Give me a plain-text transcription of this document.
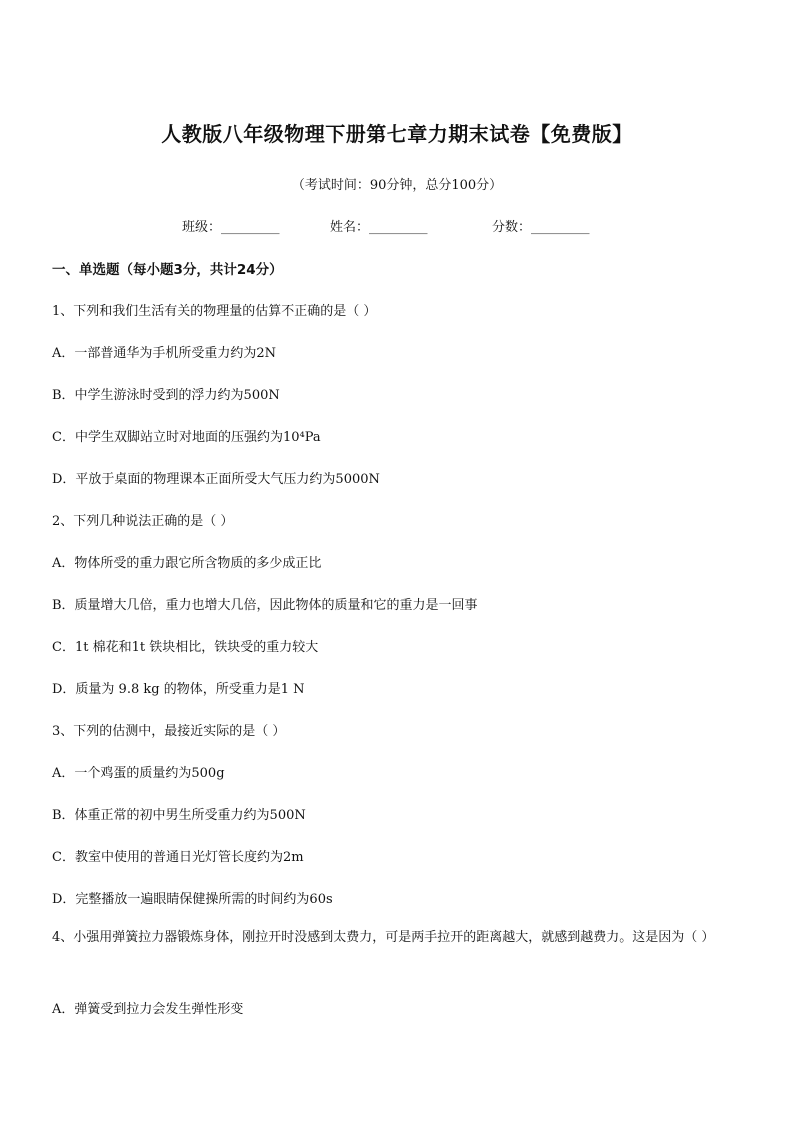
人教版八年级物理下册第七章力期末试卷【免费版】
（考试时间：90分钟，总分100分）
班级：_________	姓名：_________	分数：_________
一、单选题（每小题3分，共计24分）
1、下列和我们生活有关的物理量的估算不正确的是（ ）
A．一部普通华为手机所受重力约为2N
B．中学生游泳时受到的浮力约为500N
C．中学生双脚站立时对地面的压强约为10⁴Pa
D．平放于桌面的物理课本正面所受大气压力约为5000N
2、下列几种说法正确的是（ ）
A．物体所受的重力跟它所含物质的多少成正比
B．质量增大几倍，重力也增大几倍，因此物体的质量和它的重力是一回事
C．1t 棉花和1t 铁块相比，铁块受的重力较大
D．质量为 9.8 kg 的物体，所受重力是1 N
3、下列的估测中，最接近实际的是（ ）
A．一个鸡蛋的质量约为500g
B．体重正常的初中男生所受重力约为500N
C．教室中使用的普通日光灯管长度约为2m
D．完整播放一遍眼睛保健操所需的时间约为60s
4、小强用弹簧拉力器锻炼身体，刚拉开时没感到太费力，可是两手拉开的距离越大，就感到越费力。这是因为（ ）
A．弹簧受到拉力会发生弹性形变
